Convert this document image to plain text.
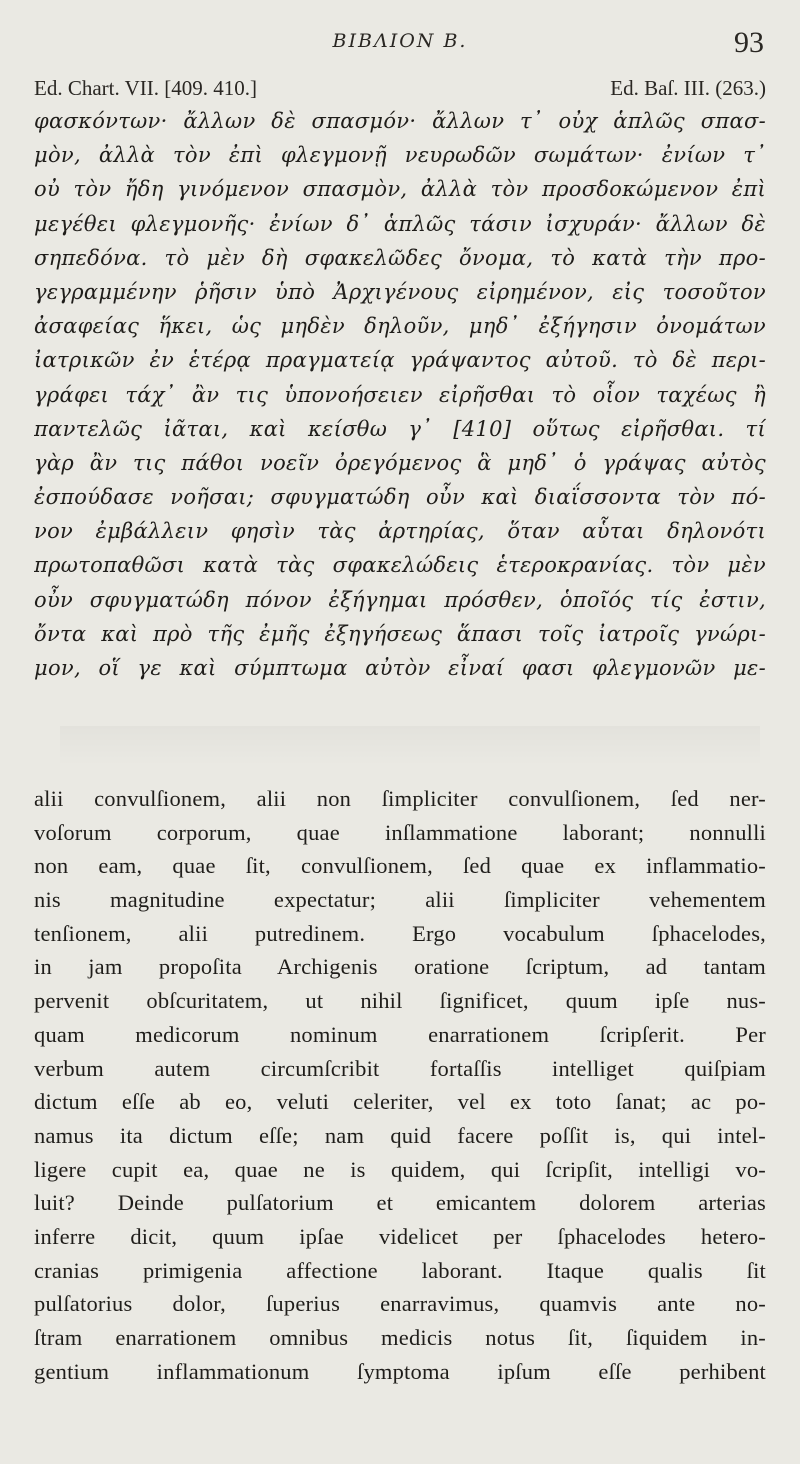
BIBΛION B.	93
Ed. Chart. VII. [409. 410.]	Ed. Baſ. III. (263.)
φασκόντων· ἄλλων δὲ σπασμόν· ἄλλων τ᾽ οὐχ ἁπλῶς σπασ-
μὸν, ἀλλὰ τὸν ἐπὶ φλεγμονῇ νευρωδῶν σωμάτων· ἐνίων τ᾽
οὐ τὸν ἤδη γινόμενον σπασμὸν, ἀλλὰ τὸν προσδοκώμενον ἐπὶ
μεγέθει φλεγμονῆς· ἐνίων δ᾽ ἁπλῶς τάσιν ἰσχυράν· ἄλλων δὲ
σηπεδόνα. τὸ μὲν δὴ σφακελῶδες ὄνομα, τὸ κατὰ τὴν προ-
γεγραμμένην ῥῆσιν ὑπὸ Ἀρχιγένους εἰρημένον, εἰς τοσοῦτον
ἀσαφείας ἥκει, ὡς μηδὲν δηλοῦν, μηδ᾽ ἐξήγησιν ὀνομάτων
ἰατρικῶν ἐν ἑτέρᾳ πραγματείᾳ γράψαντος αὐτοῦ. τὸ δὲ περι-
γράφει τάχ᾽ ἂν τις ὑπονοήσειεν εἰρῆσθαι τὸ οἷον ταχέως ἢ
παντελῶς ἰᾶται, καὶ κείσθω γ᾽ [410] οὕτως εἰρῆσθαι. τί
γὰρ ἂν τις πάθοι νοεῖν ὀρεγόμενος ἃ μηδ᾽ ὁ γράψας αὐτὸς
ἐσπούδασε νοῆσαι; σφυγματώδη οὖν καὶ διαΐσσοντα τὸν πό-
νον ἐμβάλλειν φησὶν τὰς ἀρτηρίας, ὅταν αὗται δηλονότι
πρωτοπαθῶσι κατὰ τὰς σφακελώδεις ἑτεροκρανίας. τὸν μὲν
οὖν σφυγματώδη πόνον ἐξήγημαι πρόσθεν, ὁποῖός τίς ἐστιν,
ὄντα καὶ πρὸ τῆς ἐμῆς ἐξηγήσεως ἅπασι τοῖς ἰατροῖς γνώρι-
μον, οἵ γε καὶ σύμπτωμα αὐτὸν εἶναί φασι φλεγμονῶν με-
alii convulſionem, alii non ſimpliciter convulſionem, ſed ner-
voſorum corporum, quae inſlammatione laborant; nonnulli
non eam, quae ſit, convulſionem, ſed quae ex inflammatio-
nis magnitudine expectatur; alii ſimpliciter vehementem
tenſionem, alii putredinem. Ergo vocabulum ſphacelodes,
in jam propoſita Archigenis oratione ſcriptum, ad tantam
pervenit obſcuritatem, ut nihil ſignificet, quum ipſe nus-
quam medicorum nominum enarrationem ſcripſerit. Per
verbum autem circumſcribit fortaſſis intelliget quiſpiam
dictum eſſe ab eo, veluti celeriter, vel ex toto ſanat; ac po-
namus ita dictum eſſe; nam quid facere poſſit is, qui intel-
ligere cupit ea, quae ne is quidem, qui ſcripſit, intelligi vo-
luit? Deinde pulſatorium et emicantem dolorem arterias
inferre dicit, quum ipſae videlicet per ſphacelodes hetero-
cranias primigenia affectione laborant. Itaque qualis ſit
pulſatorius dolor, ſuperius enarravimus, quamvis ante no-
ſtram enarrationem omnibus medicis notus ſit, ſiquidem in-
gentium inflammationum ſymptoma ipſum eſſe perhibent
